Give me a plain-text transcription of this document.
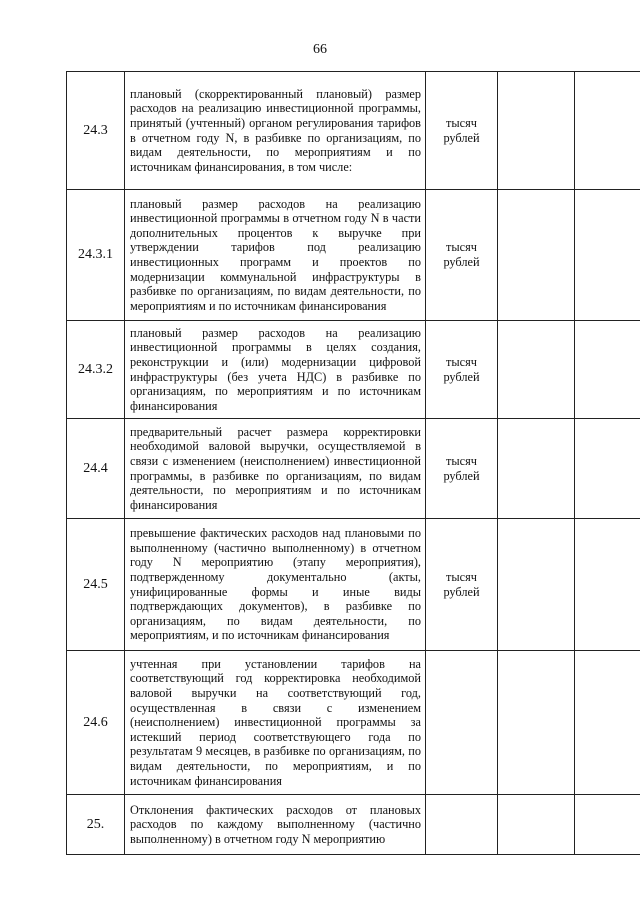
66
24.3	плановый (скорректированный плановый) размер расходов на реализацию инвестиционной программы, принятый (учтенный) органом регулирования тарифов в отчетном году N, в разбивке по организациям, по видам деятельности, по мероприятиям и по источникам финансирования, в том числе:	тысяч
рублей		

24.3.1	плановый размер расходов на реализацию инвестиционной программы в отчетном году N в части дополнительных процентов к выручке при утверждении тарифов под реализацию инвестиционных программ и проектов по модернизации коммунальной инфраструктуры в разбивке по организациям, по видам деятельности, по мероприятиям и по источникам финансирования	тысяч
рублей		

24.3.2	плановый размер расходов на реализацию инвестиционной программы в целях создания, реконструкции и (или) модернизации цифровой инфраструктуры (без учета НДС) в разбивке по организациям, по мероприятиям и по источникам финансирования	тысяч
рублей		

24.4	предварительный расчет размера корректировки необходимой валовой выручки, осуществляемой в связи с изменением (неисполнением) инвестиционной программы, в разбивке по организациям, по видам деятельности, по мероприятиям и по источникам финансирования	тысяч
рублей		

24.5	превышение фактических расходов над плановыми по выполненному (частично выполненному) в отчетном году N мероприятию (этапу мероприятия), подтвержденному документально (акты, унифицированные формы и иные виды подтверждающих документов), в разбивке по организациям, по видам деятельности, по мероприятиям, и по источникам финансирования	тысяч
рублей		

24.6	учтенная при установлении тарифов на соответствующий год корректировка необходимой валовой выручки на соответствующий год, осуществленная в связи с изменением (неисполнением) инвестиционной программы за истекший период соответствующего года по результатам 9 месяцев, в разбивке по организациям, по видам деятельности, по мероприятиям, и по источникам финансирования			

25.	Отклонения фактических расходов от плановых расходов по каждому выполненному (частично выполненному) в отчетном году N мероприятию			
